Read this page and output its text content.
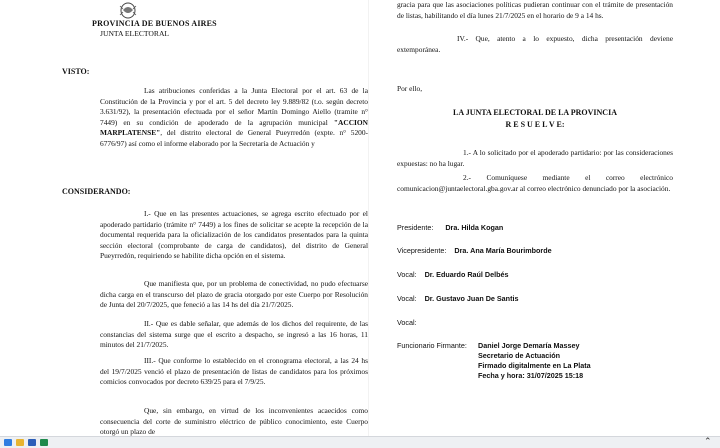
PROVINCIA DE BUENOS AIRES
JUNTA ELECTORAL
VISTO:

Las atribuciones conferidas a la Junta Electoral por el art. 63 de la Constitución de la Provincia y por el art. 5 del decreto ley 9.889/82 (t.o. según decreto 3.631/92), la presentación efectuada por el señor Martín Domingo Aiello (tramite n° 7449) en su condición de apoderado de la agrupación municipal "ACCION MARPLATENSE", del distrito electoral de General Pueyrredón (expte. n° 5200-6776/97) así como el informe elaborado por la Secretaría de Actuación y

CONSIDERANDO:

I.- Que en las presentes actuaciones, se agrega escrito efectuado por el apoderado partidario (trámite n° 7449) a los fines de solicitar se acepte la recepción de la documental requerida para la oficialización de los candidatos presentados para la quinta sección electoral (comprobante de carga de candidatos), del distrito de General Pueyrredón, requiriendo se habilite dicha opción en el sistema.

Que manifiesta que, por un problema de conectividad, no pudo efectuarse dicha carga en el transcurso del plazo de gracia otorgado por este Cuerpo por Resolución de Junta del 20/7/2025, que feneció a las 14 hs del día 21/7/2025.

II.- Que es dable señalar, que además de los dichos del requirente, de las constancias del sistema surge que el escrito a despacho, se ingresó a las 16 horas, 11 minutos del 21/7/2025.

III.- Que conforme lo establecido en el cronograma electoral, a las 24 hs del 19/7/2025 venció el plazo de presentación de listas de candidatos para los próximos comicios convocados por decreto 639/25 para el 7/9/25.

Que, sin embargo, en virtud de los inconvenientes acaecidos como consecuencia del corte de suministro eléctrico de público conocimiento, este Cuerpo otorgó un plazo de

gracia para que las asociaciones políticas pudieran continuar con el trámite de presentación de listas, habilitando el día lunes 21/7/2025 en el horario de 9 a 14 hs.

IV.- Que, atento a lo expuesto, dicha presentación deviene extemporánea.

Por ello,
LA JUNTA ELECTORAL DE LA PROVINCIA
R E S U E L V E:

1.- A lo solicitado por el apoderado partidario: por las consideraciones expuestas: no ha lugar.

2.- Comuníquese mediante el correo electrónico comunicacion@juntaelectoral.gba.gov.ar al correo electrónico denunciado por la asociación.

Presidente: Dra. Hilda Kogan
Vicepresidente: Dra. Ana María Bourimborde
Vocal: Dr. Eduardo Raúl Delbés
Vocal: Dr. Gustavo Juan De Santis
Vocal:
Funcionario Firmante: Daniel Jorge Demaría Massey
Secretario de Actuación
Firmado digitalmente en La Plata
Fecha y hora: 31/07/2025 15:18
⌃
